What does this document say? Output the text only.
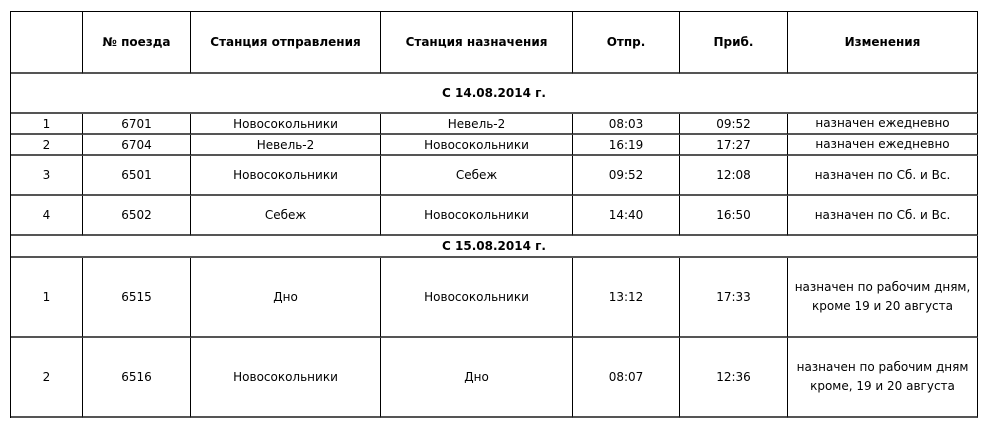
	№ поезда	Станция отправления	Станция назначения	Отпр.	Приб.	Изменения
С 14.08.2014 г.						
1	6701	Новосокольники	Невель-2	08:03	09:52	назначен ежедневно
2	6704	Невель-2	Новосокольники	16:19	17:27	назначен ежедневно
3	6501	Новосокольники	Себеж	09:52	12:08	назначен по Сб. и Вс.
4	6502	Себеж	Новосокольники	14:40	16:50	назначен по Сб. и Вс.
С 15.08.2014 г.						
1	6515	Дно	Новосокольники	13:12	17:33	назначен по рабочим дням, кроме 19 и 20 августа
2	6516	Новосокольники	Дно	08:07	12:36	назначен по рабочим дням кроме, 19 и 20 августа
